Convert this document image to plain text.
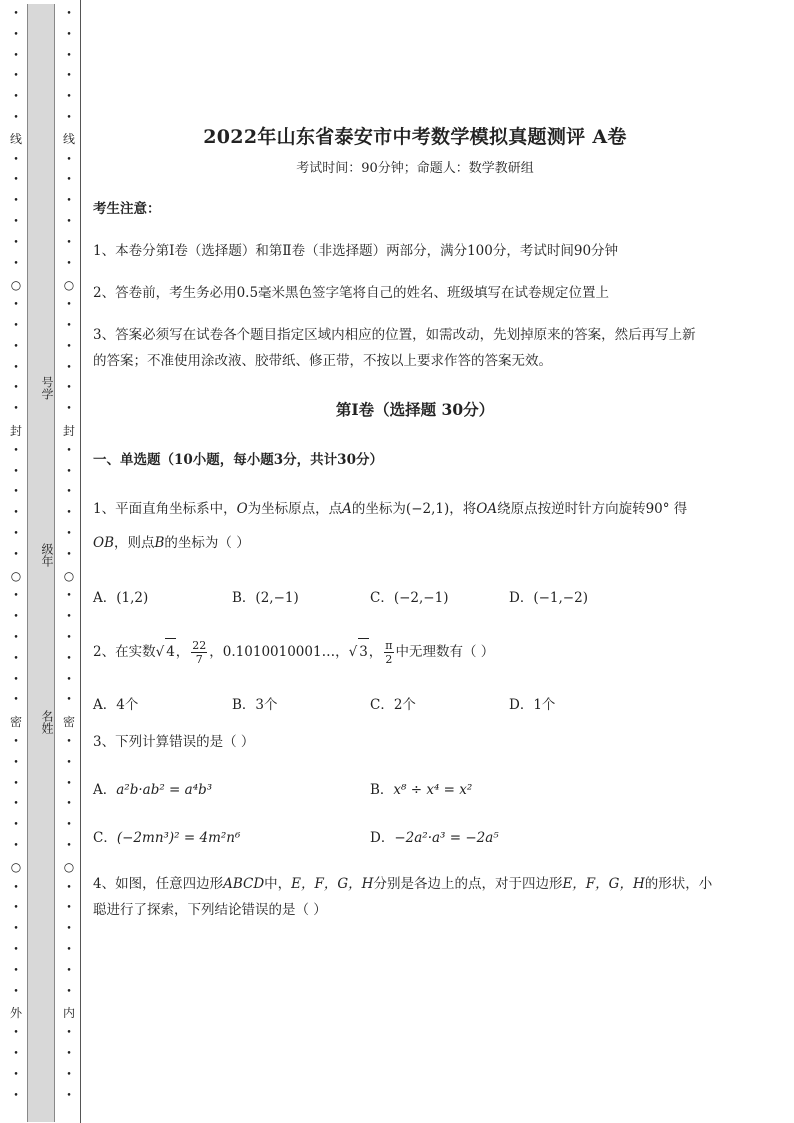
•
•
•
•
•
•
•
•
•
•
•
•
•
•
•
•
•
•
•
•
•
•
•
•
•
•
•
•
•
•
•
•
•
•
•
•
•
•
•
•
•
•
•
•
•
•
线
○
封
○
密
○
外
号学
级年
名姓
•
•
•
•
•
•
•
•
•
•
•
•
•
•
•
•
•
•
•
•
•
•
•
•
•
•
•
•
•
•
•
•
•
•
•
•
•
•
•
•
•
•
•
•
•
•
线
○
封
○
密
○
内
2022年山东省泰安市中考数学模拟真题测评 A卷
考试时间：90分钟；命题人：数学教研组
考生注意：
1、本卷分第I卷（选择题）和第Ⅱ卷（非选择题）两部分，满分100分，考试时间90分钟
2、答卷前，考生务必用0.5毫米黑色签字笔将自己的姓名、班级填写在试卷规定位置上
3、答案必须写在试卷各个题目指定区域内相应的位置，如需改动，先划掉原来的答案，然后再写上新
的答案；不准使用涂改液、胶带纸、修正带，不按以上要求作答的答案无效。
第I卷（选择题 30分）
一、单选题（10小题，每小题3分，共计30分）
1、平面直角坐标系中，O为坐标原点，点A的坐标为(−2,1)，将OA绕原点按逆时针方向旋转90° 得
OB，则点B的坐标为（ ）
A．(1,2)	B．(2,−1)	C．(−2,−1)	D．(−1,−2)
2、在实数√ 4， $\frac{22}{7}$ ，0.1010010001…，√ 3， $\frac{\pi}{2}$ 中无理数有（ ）
A．4个	B．3个	C．2个	D．1个
3、下列计算错误的是（ ）
A．a²b·ab² = a⁴b³	B．x⁸ ÷ x⁴ = x²
C．(−2mn³)² = 4m²n⁶	D．−2a²·a³ = −2a⁵
4、如图，任意四边形ABCD中，E，F，G，H分别是各边上的点，对于四边形E，F，G，H的形状，小
聪进行了探索，下列结论错误的是（ ）
